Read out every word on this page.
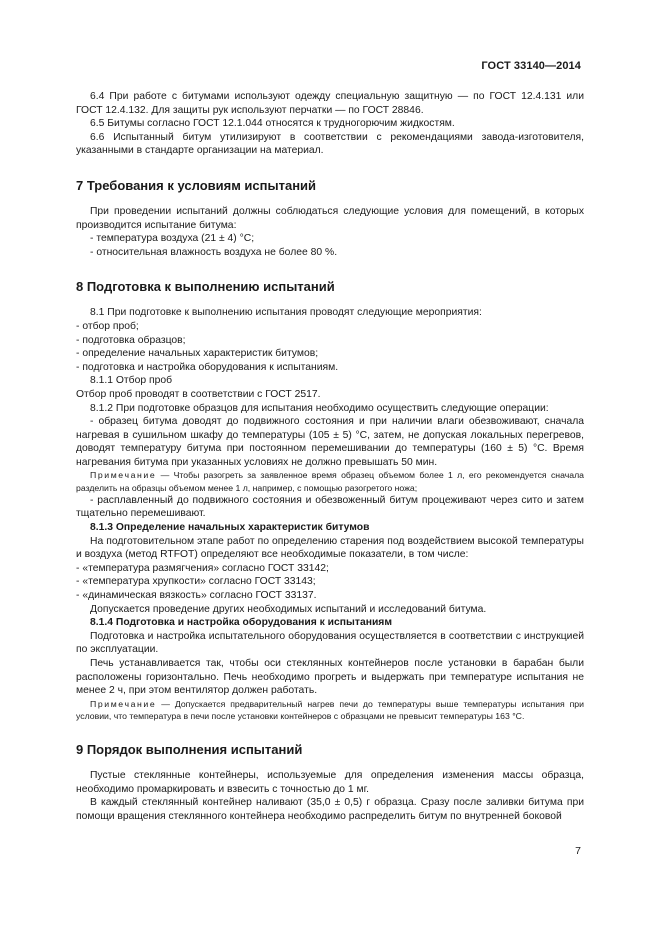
ГОСТ 33140—2014

6.4 При работе с битумами используют одежду специальную защитную — по ГОСТ 12.4.131 или ГОСТ 12.4.132. Для защиты рук используют перчатки — по ГОСТ 28846.

6.5 Битумы согласно ГОСТ 12.1.044 относятся к трудногорючим жидкостям.

6.6 Испытанный битум утилизируют в соответствии с рекомендациями завода-изготовителя, указанными в стандарте организации на материал.

7 Требования к условиям испытаний

При проведении испытаний должны соблюдаться следующие условия для помещений, в которых производится испытание битума:

- температура воздуха (21 ± 4) °С;

- относительная влажность воздуха не более 80 %.

8 Подготовка к выполнению испытаний

8.1 При подготовке к выполнению испытания проводят следующие мероприятия:

- отбор проб;

- подготовка образцов;

- определение начальных характеристик битумов;

- подготовка и настройка оборудования к испытаниям.

8.1.1 Отбор проб

Отбор проб проводят в соответствии с ГОСТ 2517.

8.1.2 При подготовке образцов для испытания необходимо осуществить следующие операции:

- образец битума доводят до подвижного состояния и при наличии влаги обезвоживают, сначала нагревая в сушильном шкафу до температуры (105 ± 5) °С, затем, не допуская локальных перегревов, доводят температуру битума при постоянном перемешивании до температуры (160 ± 5) °С. Время нагревания битума при указанных условиях не должно превышать 50 мин.

Примечание — Чтобы разогреть за заявленное время образец объемом более 1 л, его рекомендуется сначала разделить на образцы объемом менее 1 л, например, с помощью разогретого ножа;

- расплавленный до подвижного состояния и обезвоженный битум процеживают через сито и затем тщательно перемешивают.

8.1.3 Определение начальных характеристик битумов

На подготовительном этапе работ по определению старения под воздействием высокой температуры и воздуха (метод RTFOT) определяют все необходимые показатели, в том числе:

- «температура размягчения» согласно ГОСТ 33142;

- «температура хрупкости» согласно ГОСТ 33143;

- «динамическая вязкость» согласно ГОСТ 33137.

Допускается проведение других необходимых испытаний и исследований битума.

8.1.4 Подготовка и настройка оборудования к испытаниям

Подготовка и настройка испытательного оборудования осуществляется в соответствии с инструкцией по эксплуатации.

Печь устанавливается так, чтобы оси стеклянных контейнеров после установки в барабан были расположены горизонтально. Печь необходимо прогреть и выдержать при температуре испытания не менее 2 ч, при этом вентилятор должен работать.

Примечание — Допускается предварительный нагрев печи до температуры выше температуры испытания при условии, что температура в печи после установки контейнеров с образцами не превысит температуры 163 °С.

9 Порядок выполнения испытаний

Пустые стеклянные контейнеры, используемые для определения изменения массы образца, необходимо промаркировать и взвесить с точностью до 1 мг.

В каждый стеклянный контейнер наливают (35,0 ± 0,5) г образца. Сразу после заливки битума при помощи вращения стеклянного контейнера необходимо распределить битум по внутренней боковой

7
